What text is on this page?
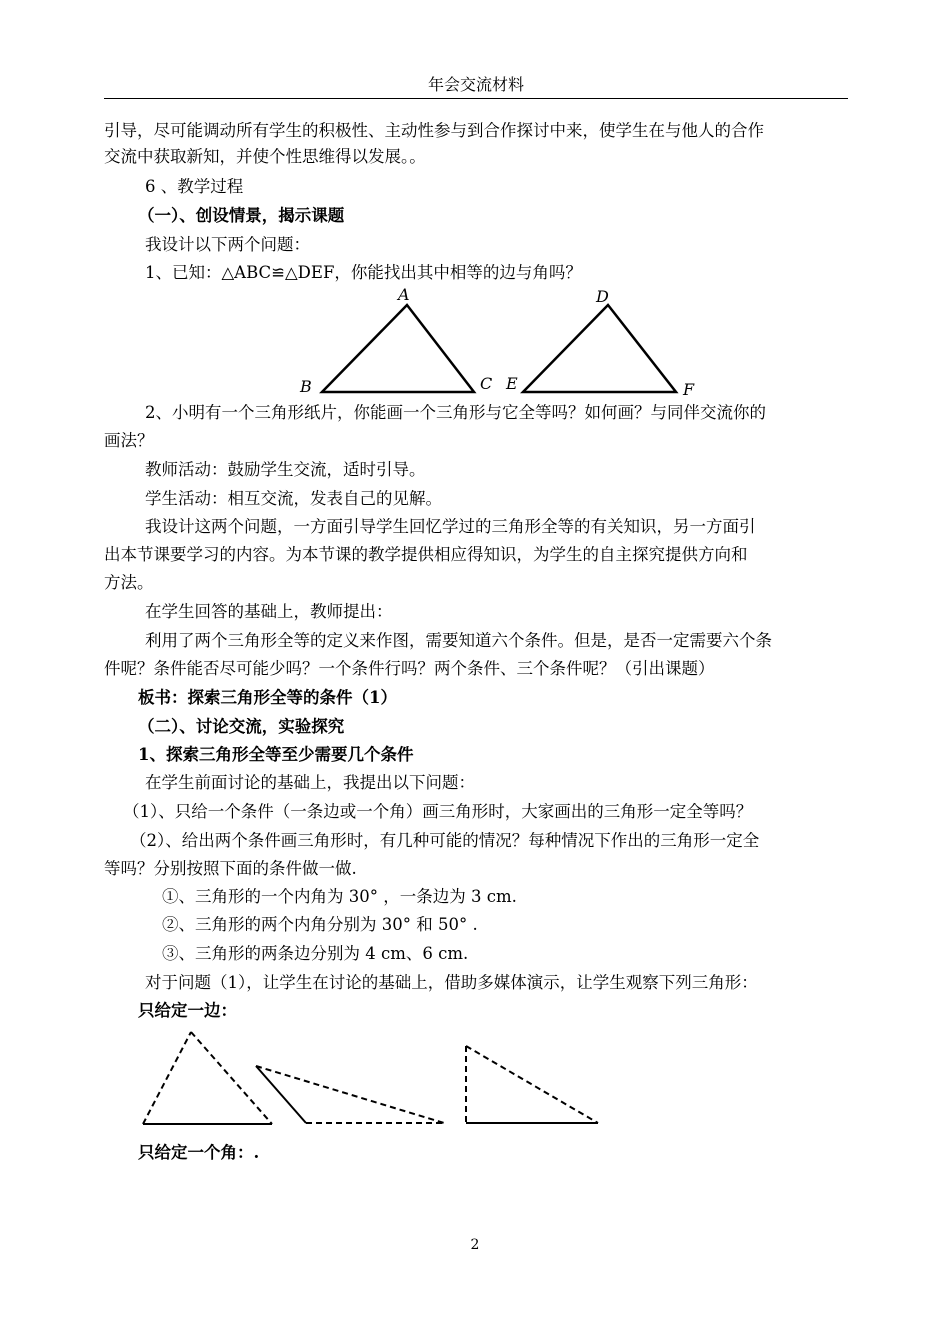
年会交流材料
引导，尽可能调动所有学生的积极性、主动性参与到合作探讨中来，使学生在与他人的合作
交流中获取新知，并使个性思维得以发展。。
6 、教学过程
（一）、创设情景，揭示课题
我设计以下两个问题：
1、已知：△ABC≌△DEF，你能找出其中相等的边与角吗？
A
B	C E
D
F
2、小明有一个三角形纸片，你能画一个三角形与它全等吗？如何画？与同伴交流你的
画法？
教师活动：鼓励学生交流，适时引导。
学生活动：相互交流，发表自己的见解。
我设计这两个问题，一方面引导学生回忆学过的三角形全等的有关知识，另一方面引
出本节课要学习的内容。为本节课的教学提供相应得知识，为学生的自主探究提供方向和
方法。
在学生回答的基础上，教师提出：
利用了两个三角形全等的定义来作图，需要知道六个条件。但是，是否一定需要六个条
件呢？条件能否尽可能少吗？一个条件行吗？两个条件、三个条件呢？（引出课题）
板书：探索三角形全等的条件（1）
（二）、讨论交流，实验探究
1、探索三角形全等至少需要几个条件
在学生前面讨论的基础上，我提出以下问题：
（1）、只给一个条件（一条边或一个角）画三角形时，大家画出的三角形一定全等吗？
（2）、给出两个条件画三角形时，有几种可能的情况？每种情况下作出的三角形一定全
等吗？分别按照下面的条件做一做.
①、三角形的一个内角为 30° ，一条边为 3 cm.
②、三角形的两个内角分别为 30° 和 50° .
③、三角形的两条边分别为 4 cm、6 cm.
对于问题（1），让学生在讨论的基础上，借助多媒体演示，让学生观察下列三角形：
只给定一边：
只给定一个角：.
2
